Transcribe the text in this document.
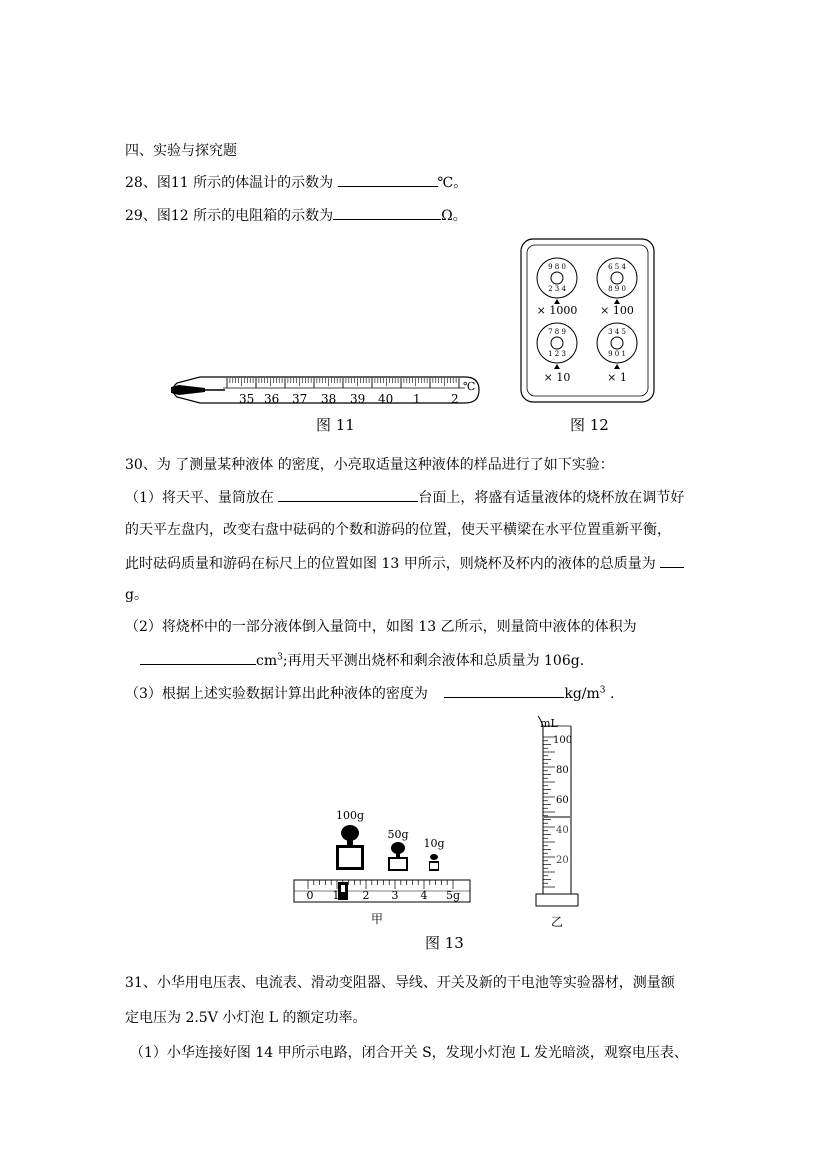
四、实验与探究题
28、图11 所示的体温计的示数为	℃。
29、图12 所示的电阻箱的示数为	Ω。
35 36 37 38 39 40 1	2
℃
图 11
9 8 0
2 3 4
× 1000
6 5 4
8 9 0
× 100
7 8 9
1 2 3
× 10
3 4 5
9 0 1
× 1
图 12
30、为 了测量某种液体 的密度，小亮取适量这种液体的样品进行了如下实验：
（1）将天平、量筒放在	台面上，将盛有适量液体的烧杯放在调节好
的天平左盘内，改变右盘中砝码的个数和游码的位置，使天平横梁在水平位置重新平衡，
此时砝码质量和游码在标尺上的位置如图 13 甲所示，则烧杯及杯内的液体的总质量为
g。
（2）将烧杯中的一部分液体倒入量筒中，如图 13 乙所示，则量筒中液体的体积为
$cm^3$;再用天平测出烧杯和剩余液体和总质量为 106g.
（3）根据上述实验数据计算出此种液体的密度为	$kg/m^3$ .
100g
50g
10g
0 1 2 3 4 5g
甲
mL
100
80
60
40
20
乙
图 13
31、小华用电压表、电流表、滑动变阻器、导线、开关及新的干电池等实验器材，测量额
定电压为 2.5V 小灯泡 L 的额定功率。
（1）小华连接好图 14 甲所示电路，闭合开关 S，发现小灯泡 L 发光暗淡，观察电压表、
